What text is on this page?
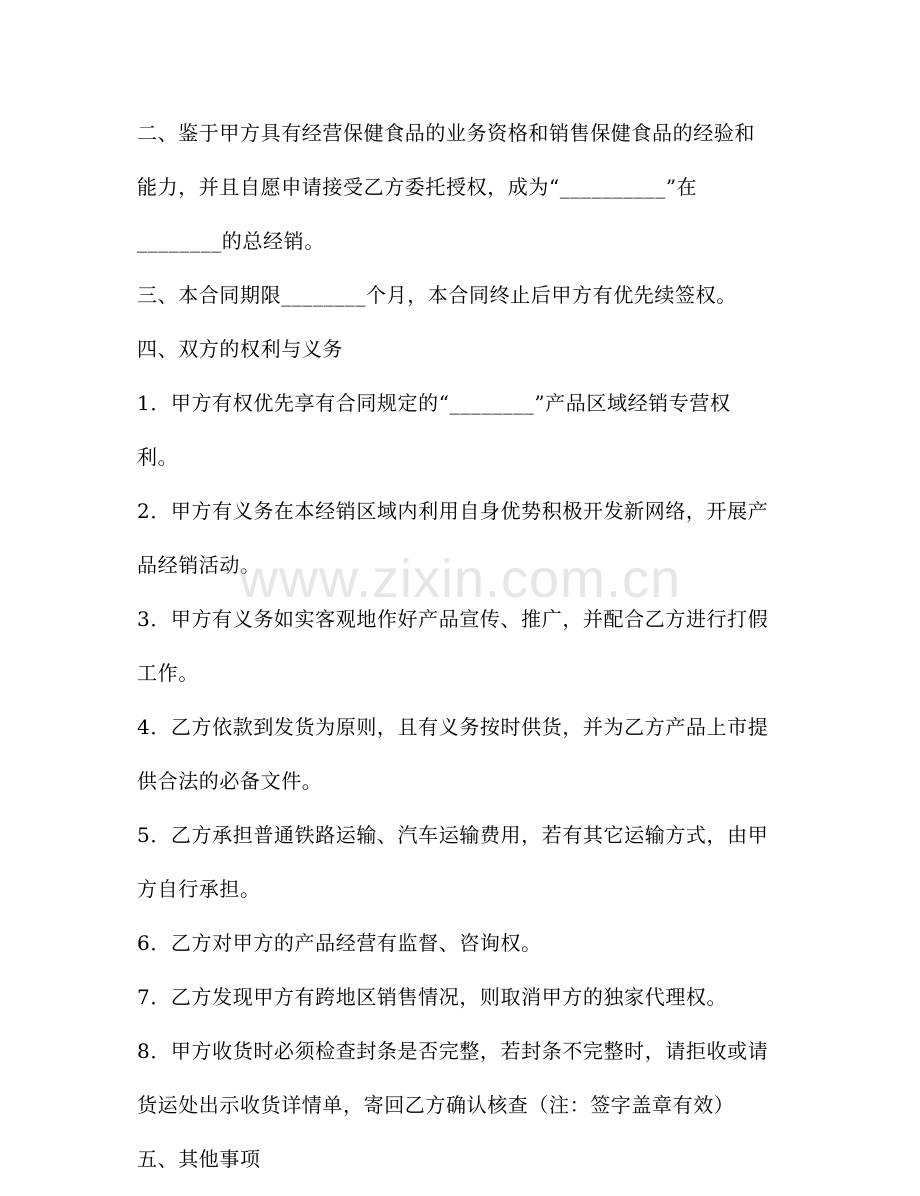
二、鉴于甲方具有经营保健食品的业务资格和销售保健食品的经验和
能力，并且自愿申请接受乙方委托授权，成为“__________”在
________的总经销。
三、本合同期限________个月，本合同终止后甲方有优先续签权。
四、双方的权利与义务
1．甲方有权优先享有合同规定的“________”产品区域经销专营权
利。
2．甲方有义务在本经销区域内利用自身优势积极开发新网络，开展产
品经销活动。
3．甲方有义务如实客观地作好产品宣传、推广，并配合乙方进行打假
工作。
4．乙方依款到发货为原则，且有义务按时供货，并为乙方产品上市提
供合法的必备文件。
5．乙方承担普通铁路运输、汽车运输费用，若有其它运输方式，由甲
方自行承担。
6．乙方对甲方的产品经营有监督、咨询权。
7．乙方发现甲方有跨地区销售情况，则取消甲方的独家代理权。
8．甲方收货时必须检查封条是否完整，若封条不完整时，请拒收或请
货运处出示收货详情单，寄回乙方确认核查（注：签字盖章有效）
五、其他事项
www.zixin.com.cn
